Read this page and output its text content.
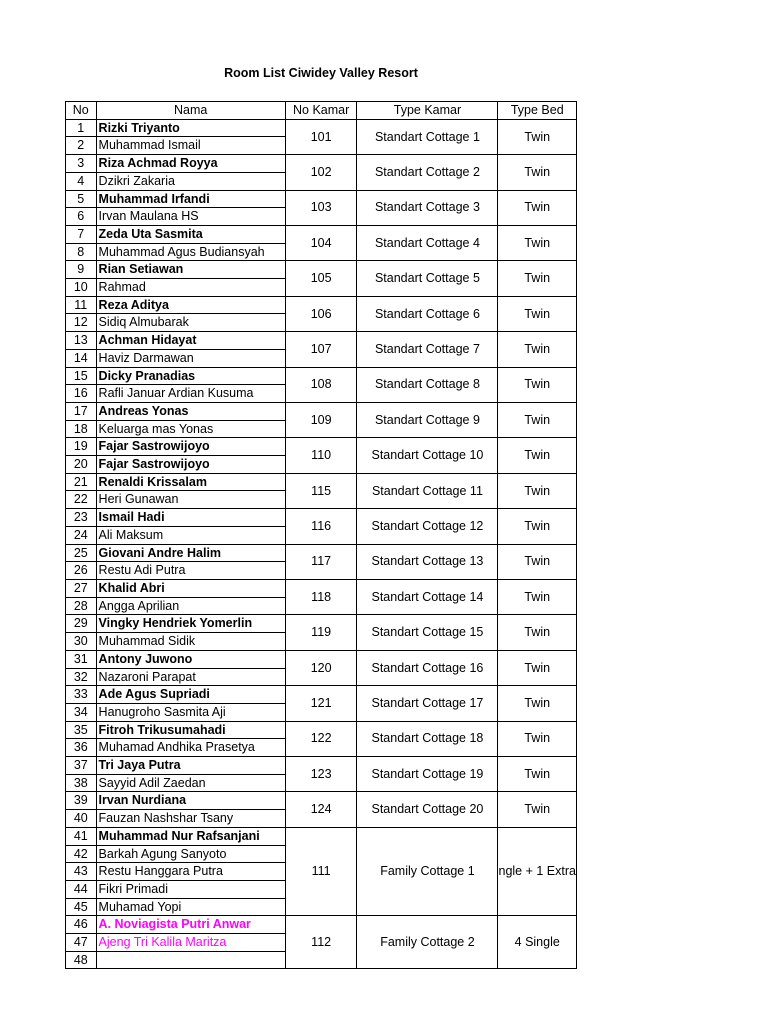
Room List Ciwidey Valley Resort
No	Nama	No Kamar	Type Kamar	Type Bed
1	Rizki Triyanto	101	Standart Cottage 1	Twin
2	Muhammad Ismail			
3	Riza Achmad Royya	102	Standart Cottage 2	Twin
4	Dzikri Zakaria			
5	Muhammad Irfandi	103	Standart Cottage 3	Twin
6	Irvan Maulana HS			
7	Zeda Uta Sasmita	104	Standart Cottage 4	Twin
8	Muhammad Agus Budiansyah			
9	Rian Setiawan	105	Standart Cottage 5	Twin
10	Rahmad			
11	Reza Aditya	106	Standart Cottage 6	Twin
12	Sidiq Almubarak			
13	Achman Hidayat	107	Standart Cottage 7	Twin
14	Haviz Darmawan			
15	Dicky Pranadias	108	Standart Cottage 8	Twin
16	Rafli Januar Ardian Kusuma			
17	Andreas Yonas	109	Standart Cottage 9	Twin
18	Keluarga mas Yonas			
19	Fajar Sastrowijoyo	110	Standart Cottage 10	Twin
20	Fajar Sastrowijoyo			
21	Renaldi Krissalam	115	Standart Cottage 11	Twin
22	Heri Gunawan			
23	Ismail Hadi	116	Standart Cottage 12	Twin
24	Ali Maksum			
25	Giovani Andre Halim	117	Standart Cottage 13	Twin
26	Restu Adi Putra			
27	Khalid Abri	118	Standart Cottage 14	Twin
28	Angga Aprilian			
29	Vingky Hendriek Yomerlin	119	Standart Cottage 15	Twin
30	Muhammad Sidik			
31	Antony Juwono	120	Standart Cottage 16	Twin
32	Nazaroni Parapat			
33	Ade Agus Supriadi	121	Standart Cottage 17	Twin
34	Hanugroho Sasmita Aji			
35	Fitroh Trikusumahadi	122	Standart Cottage 18	Twin
36	Muhamad Andhika Prasetya			
37	Tri Jaya Putra	123	Standart Cottage 19	Twin
38	Sayyid Adil Zaedan			
39	Irvan Nurdiana	124	Standart Cottage 20	Twin
40	Fauzan Nashshar Tsany			
41	Muhammad Nur Rafsanjani	111	Family Cottage 1	ngle + 1 Extra
42	Barkah Agung Sanyoto			
43	Restu Hanggara Putra			
44	Fikri Primadi			
45	Muhamad Yopi			
46	A. Noviagista Putri Anwar	112	Family Cottage 2	4 Single
47	Ajeng Tri Kalila Maritza			
48				
